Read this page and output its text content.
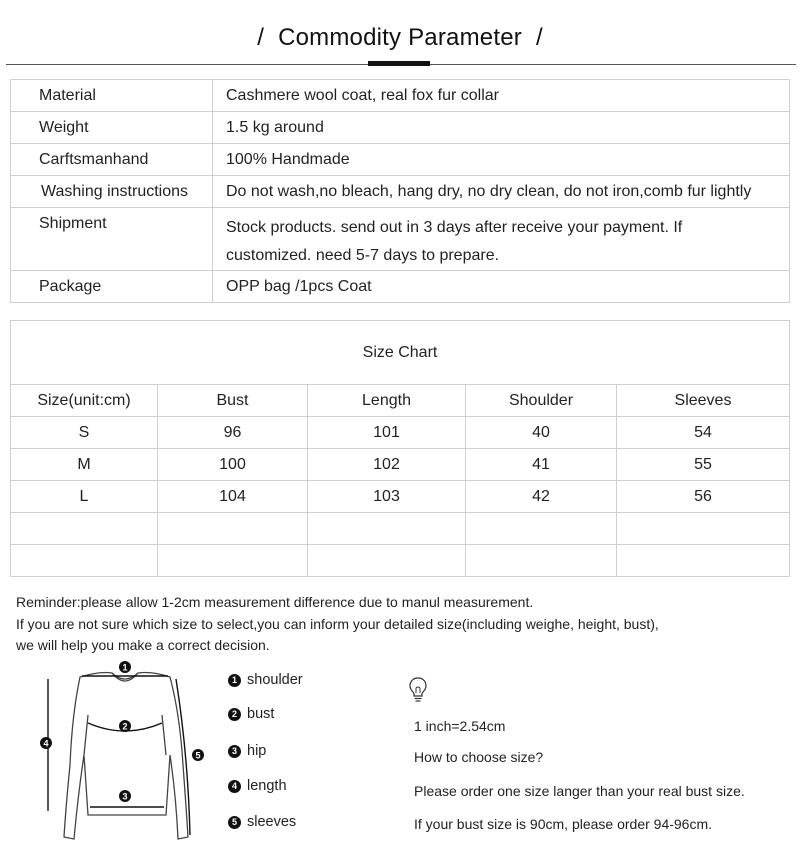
/ Commodity Parameter /
Material	Cashmere wool coat, real fox fur collar
Weight	1.5 kg around
Carftsmanhand	100% Handmade
Washing instructions	Do not wash,no bleach, hang dry, no dry clean, do not iron,comb fur lightly
Shipment	Stock products. send out in 3 days after receive your payment. If customized. need 5-7 days to prepare.
Package	OPP bag /1pcs Coat
Size Chart				
Size(unit:cm)	Bust	Length	Shoulder	Sleeves
S	96	101	40	54
M	100	102	41	55
L	104	103	42	56

Reminder:please allow 1-2cm measurement difference due to manul measurement.
If you are not sure which size to select,you can inform your detailed size(including weighe, height, bust),
we will help you make a correct decision.
1
2
3
4
5
1 shoulder
2 bust
3 hip
4 length
5 sleeves
1 inch=2.54cm
How to choose size?
Please order one size langer than your real bust size.
If your bust size is 90cm, please order 94-96cm.
